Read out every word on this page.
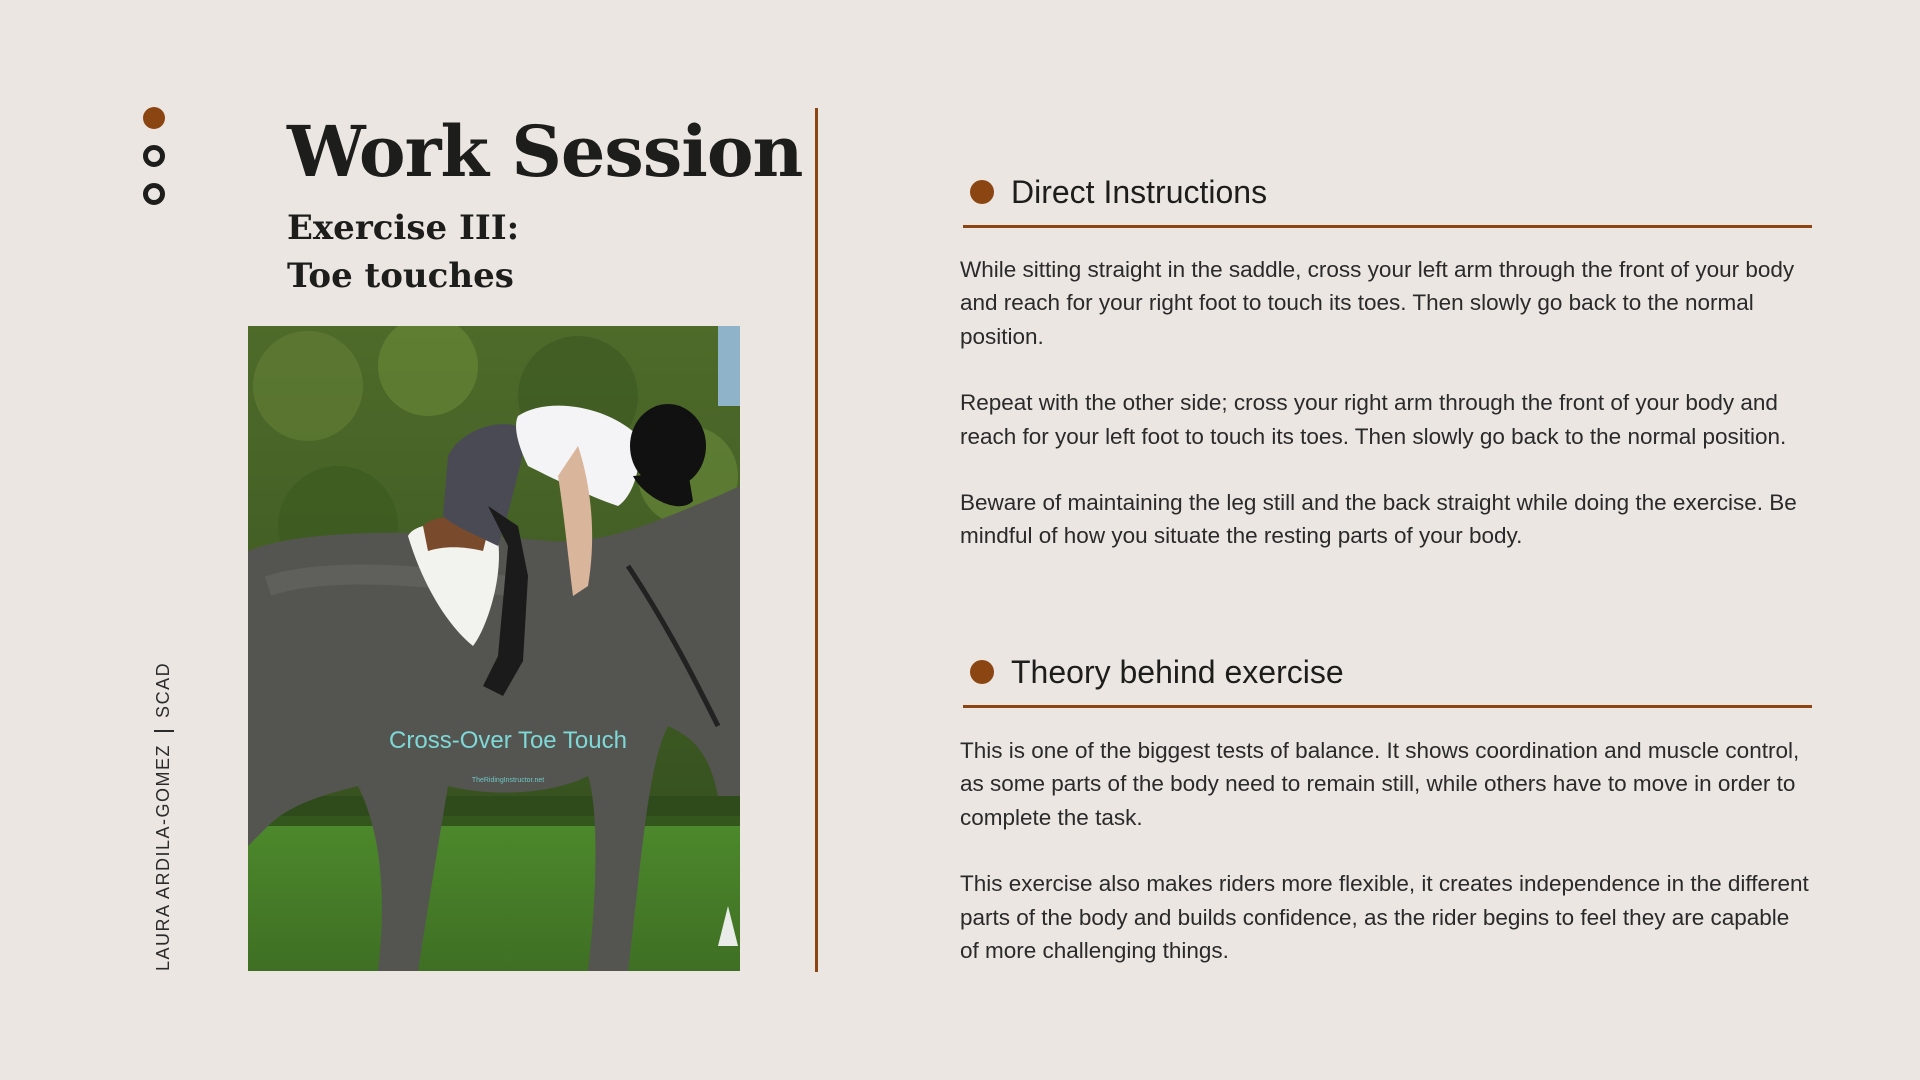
LAURA ARDILA-GOMEZ
SCAD
Work Session
Exercise III:
Toe touches
Cross-Over Toe Touch
TheRidingInstructor.net
Direct Instructions

While sitting straight in the saddle, cross your left arm through the front of your body and reach for your right foot to touch its toes. Then slowly go back to the normal position.

Repeat with the other side; cross your right arm through the front of your body and reach for your left foot to touch its toes. Then slowly go back to the normal position.

Beware of maintaining the leg still and the back straight while doing the exercise. Be mindful of how you situate the resting parts of your body.

Theory behind exercise

This is one of the biggest tests of balance. It shows coordination and muscle control, as some parts of the body need to remain still, while others have to move in order to complete the task.

This exercise also makes riders more flexible, it creates independence in the different parts of the body and builds confidence, as the rider begins to feel they are capable of more challenging things.
